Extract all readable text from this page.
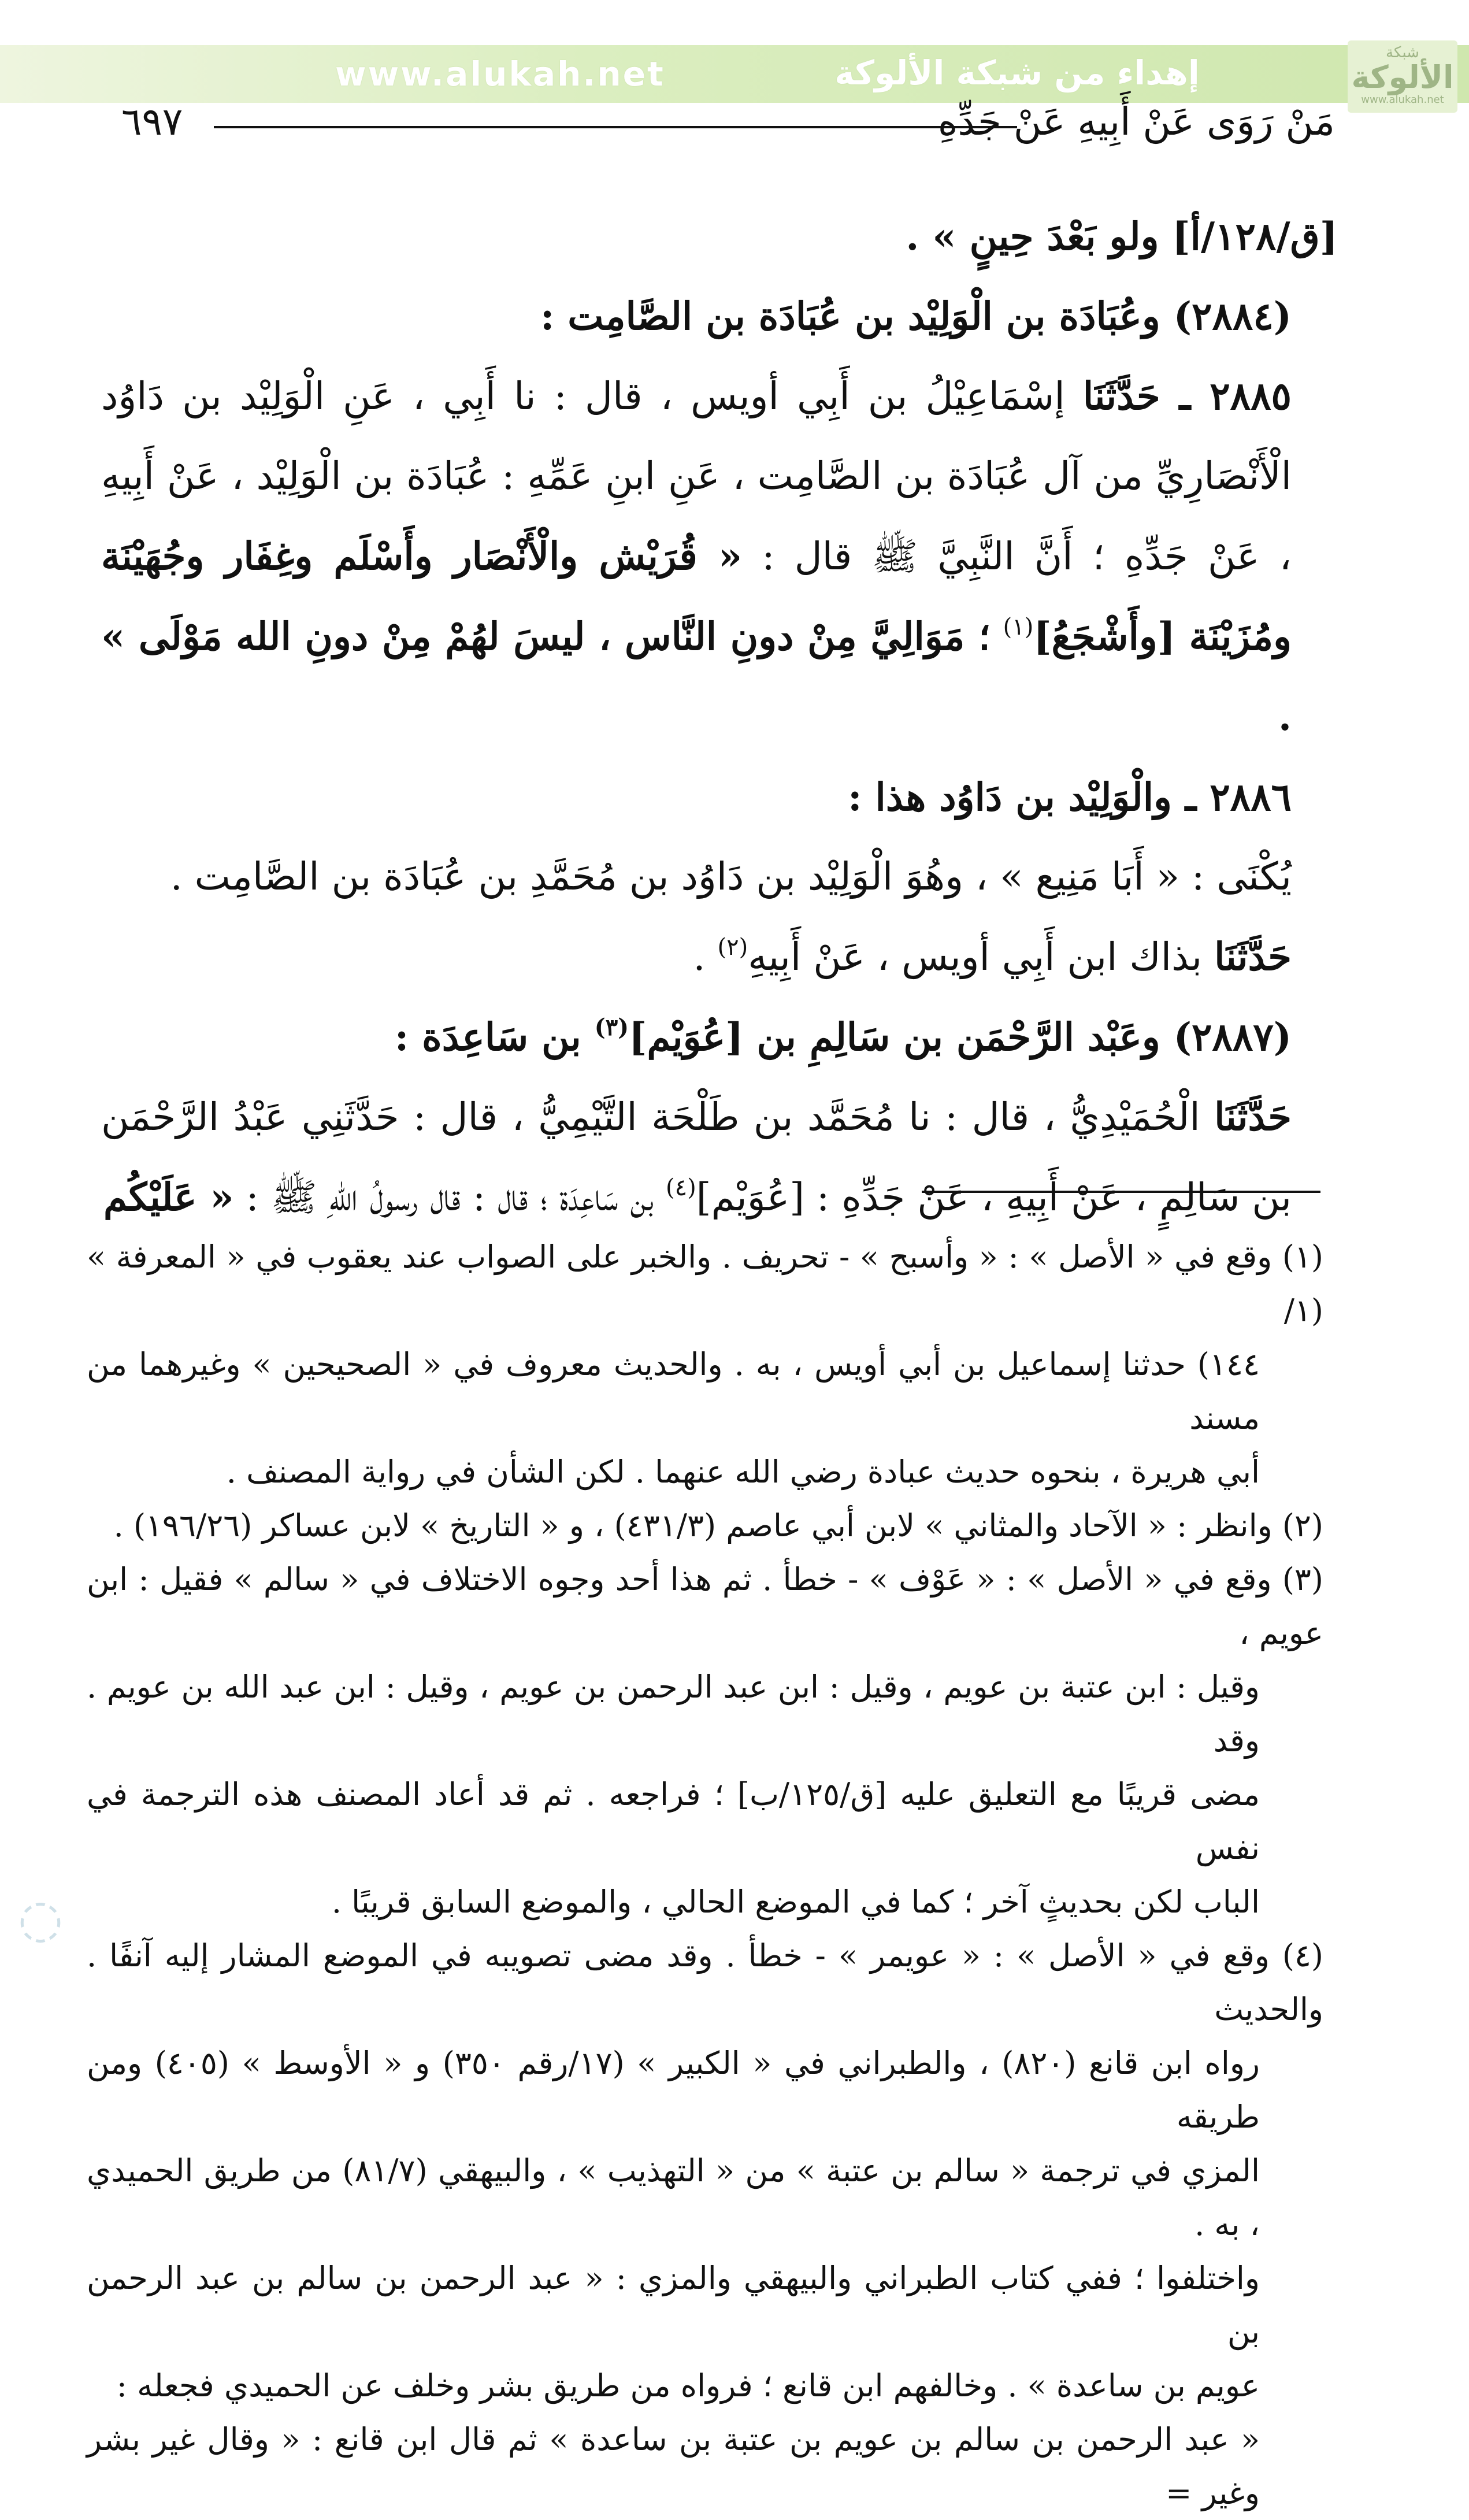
www.alukah.net	إهداء من شبكة الألوكة
شبكة
الألوكة
www.alukah.net
٦٩٧	مَنْ رَوَى عَنْ أَبِيهِ عَنْ جَدِّهِ

[ق/١٢٨/أ] ولو بَعْدَ حِينٍ » .

(٢٨٨٤) وعُبَادَة بن الْوَلِيْد بن عُبَادَة بن الصَّامِت :

٢٨٨٥ ـ حَدَّثَنَا إسْمَاعِيْلُ بن أَبِي أويس ، قال : نا أَبِي ، عَنِ الْوَلِيْد بن دَاوُد الْأَنْصَارِيِّ من آل عُبَادَة بن الصَّامِت ، عَنِ ابنِ عَمِّهِ : عُبَادَة بن الْوَلِيْد ، عَنْ أَبِيهِ ، عَنْ جَدِّهِ ؛ أَنَّ النَّبِيَّ ﷺ قال : « قُرَيْش والْأَنْصَار وأَسْلَم وغِفَار وجُهَيْنَة ومُزَيْنَة [وأَشْجَعُ]$^{(١)}$ ؛ مَوَالِيَّ مِنْ دونِ النَّاس ، ليسَ لهُمْ مِنْ دونِ الله مَوْلَى » .

٢٨٨٦ ـ والْوَلِيْد بن دَاوُد هذا :

يُكْنَى : « أَبَا مَنِيع » ، وهُوَ الْوَلِيْد بن دَاوُد بن مُحَمَّدِ بن عُبَادَة بن الصَّامِت .

حَدَّثَنَا بذاك ابن أَبِي أويس ، عَنْ أَبِيهِ$^{(٢)}$ .

(٢٨٨٧) وعَبْد الرَّحْمَن بن سَالِمِ بن [عُوَيْم]$^{(٣)}$ بن سَاعِدَة :

حَدَّثَنَا الْحُمَيْدِيُّ ، قال : نا مُحَمَّد بن طَلْحَة التَّيْمِيُّ ، قال : حَدَّثَنِي عَبْدُ الرَّحْمَن بن سَالِمٍ ، عَنْ أَبِيهِ ، عَنْ جَدِّهِ : [عُوَيْم]$^{(٤)}$ بن سَاعِدَة ؛ قال : قال رسولُ اللهِ ﷺ : « عَلَيْكُم

(١) وقع في « الأصل » : « وأسبح » - تحريف . والخبر على الصواب عند يعقوب في « المعرفة » (١/

١٤٤) حدثنا إسماعيل بن أبي أويس ، به . والحديث معروف في « الصحيحين » وغيرهما من مسند

أبي هريرة ، بنحوه حديث عبادة رضي الله عنهما . لكن الشأن في رواية المصنف .

(٢) وانظر : « الآحاد والمثاني » لابن أبي عاصم (٤٣١/٣) ، و « التاريخ » لابن عساكر (١٩٦/٢٦) .

(٣) وقع في « الأصل » : « عَوْف » - خطأ . ثم هذا أحد وجوه الاختلاف في « سالم » فقيل : ابن عويم ،

وقيل : ابن عتبة بن عويم ، وقيل : ابن عبد الرحمن بن عويم ، وقيل : ابن عبد الله بن عويم . وقد

مضى قريبًا مع التعليق عليه [ق/١٢٥/ب] ؛ فراجعه . ثم قد أعاد المصنف هذه الترجمة في نفس

الباب لكن بحديثٍ آخر ؛ كما في الموضع الحالي ، والموضع السابق قريبًا .

(٤) وقع في « الأصل » : « عويمر » - خطأ . وقد مضى تصويبه في الموضع المشار إليه آنفًا . والحديث

رواه ابن قانع (٨٢٠) ، والطبراني في « الكبير » (١٧/رقم ٣٥٠) و « الأوسط » (٤٠٥) ومن طريقه

المزي في ترجمة « سالم بن عتبة » من « التهذيب » ، والبيهقي (٨١/٧) من طريق الحميدي ، به .

واختلفوا ؛ ففي كتاب الطبراني والبيهقي والمزي : « عبد الرحمن بن سالم بن عبد الرحمن بن

عويم بن ساعدة » . وخالفهم ابن قانع ؛ فرواه من طريق بشر وخلف عن الحميدي فجعله :

« عبد الرحمن بن سالم بن عويم بن عتبة بن ساعدة » ثم قال ابن قانع : « وقال غير بشر وغير =

◌
